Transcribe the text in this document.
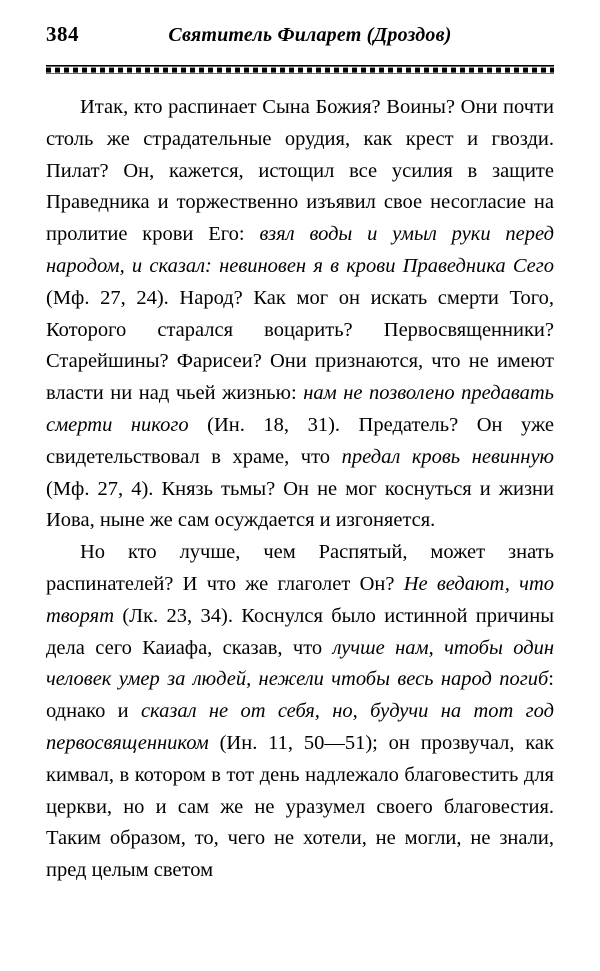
384	Святитель Филарет (Дроздов)

Итак, кто распинает Сына Божия? Воины? Они почти столь же страдательные орудия, как крест и гвозди. Пилат? Он, кажется, истощил все усилия в защите Праведника и торжественно изъявил свое несогласие на пролитие крови Его: взял воды и умыл руки перед народом, и сказал: невиновен я в крови Праведника Сего (Мф. 27, 24). Народ? Как мог он искать смерти Того, Которого старался воцарить? Первосвященники? Старейшины? Фарисеи? Они признаются, что не имеют власти ни над чьей жизнью: нам не позволено предавать смерти никого (Ин. 18, 31). Предатель? Он уже свидетельствовал в храме, что предал кровь невинную (Мф. 27, 4). Князь тьмы? Он не мог коснуться и жизни Иова, ныне же сам осуждается и изгоняется.

Но кто лучше, чем Распятый, может знать распинателей? И что же глаголет Он? Не ведают, что творят (Лк. 23, 34). Коснулся было истинной причины дела сего Каиафа, сказав, что лучше нам, чтобы один человек умер за людей, нежели чтобы весь народ погиб: однако и сказал не от себя, но, будучи на тот год первосвященником (Ин. 11, 50—51); он прозвучал, как кимвал, в котором в тот день надлежало благовестить для церкви, но и сам же не уразумел своего благовестия. Таким образом, то, чего не хотели, не могли, не знали, пред целым светом
